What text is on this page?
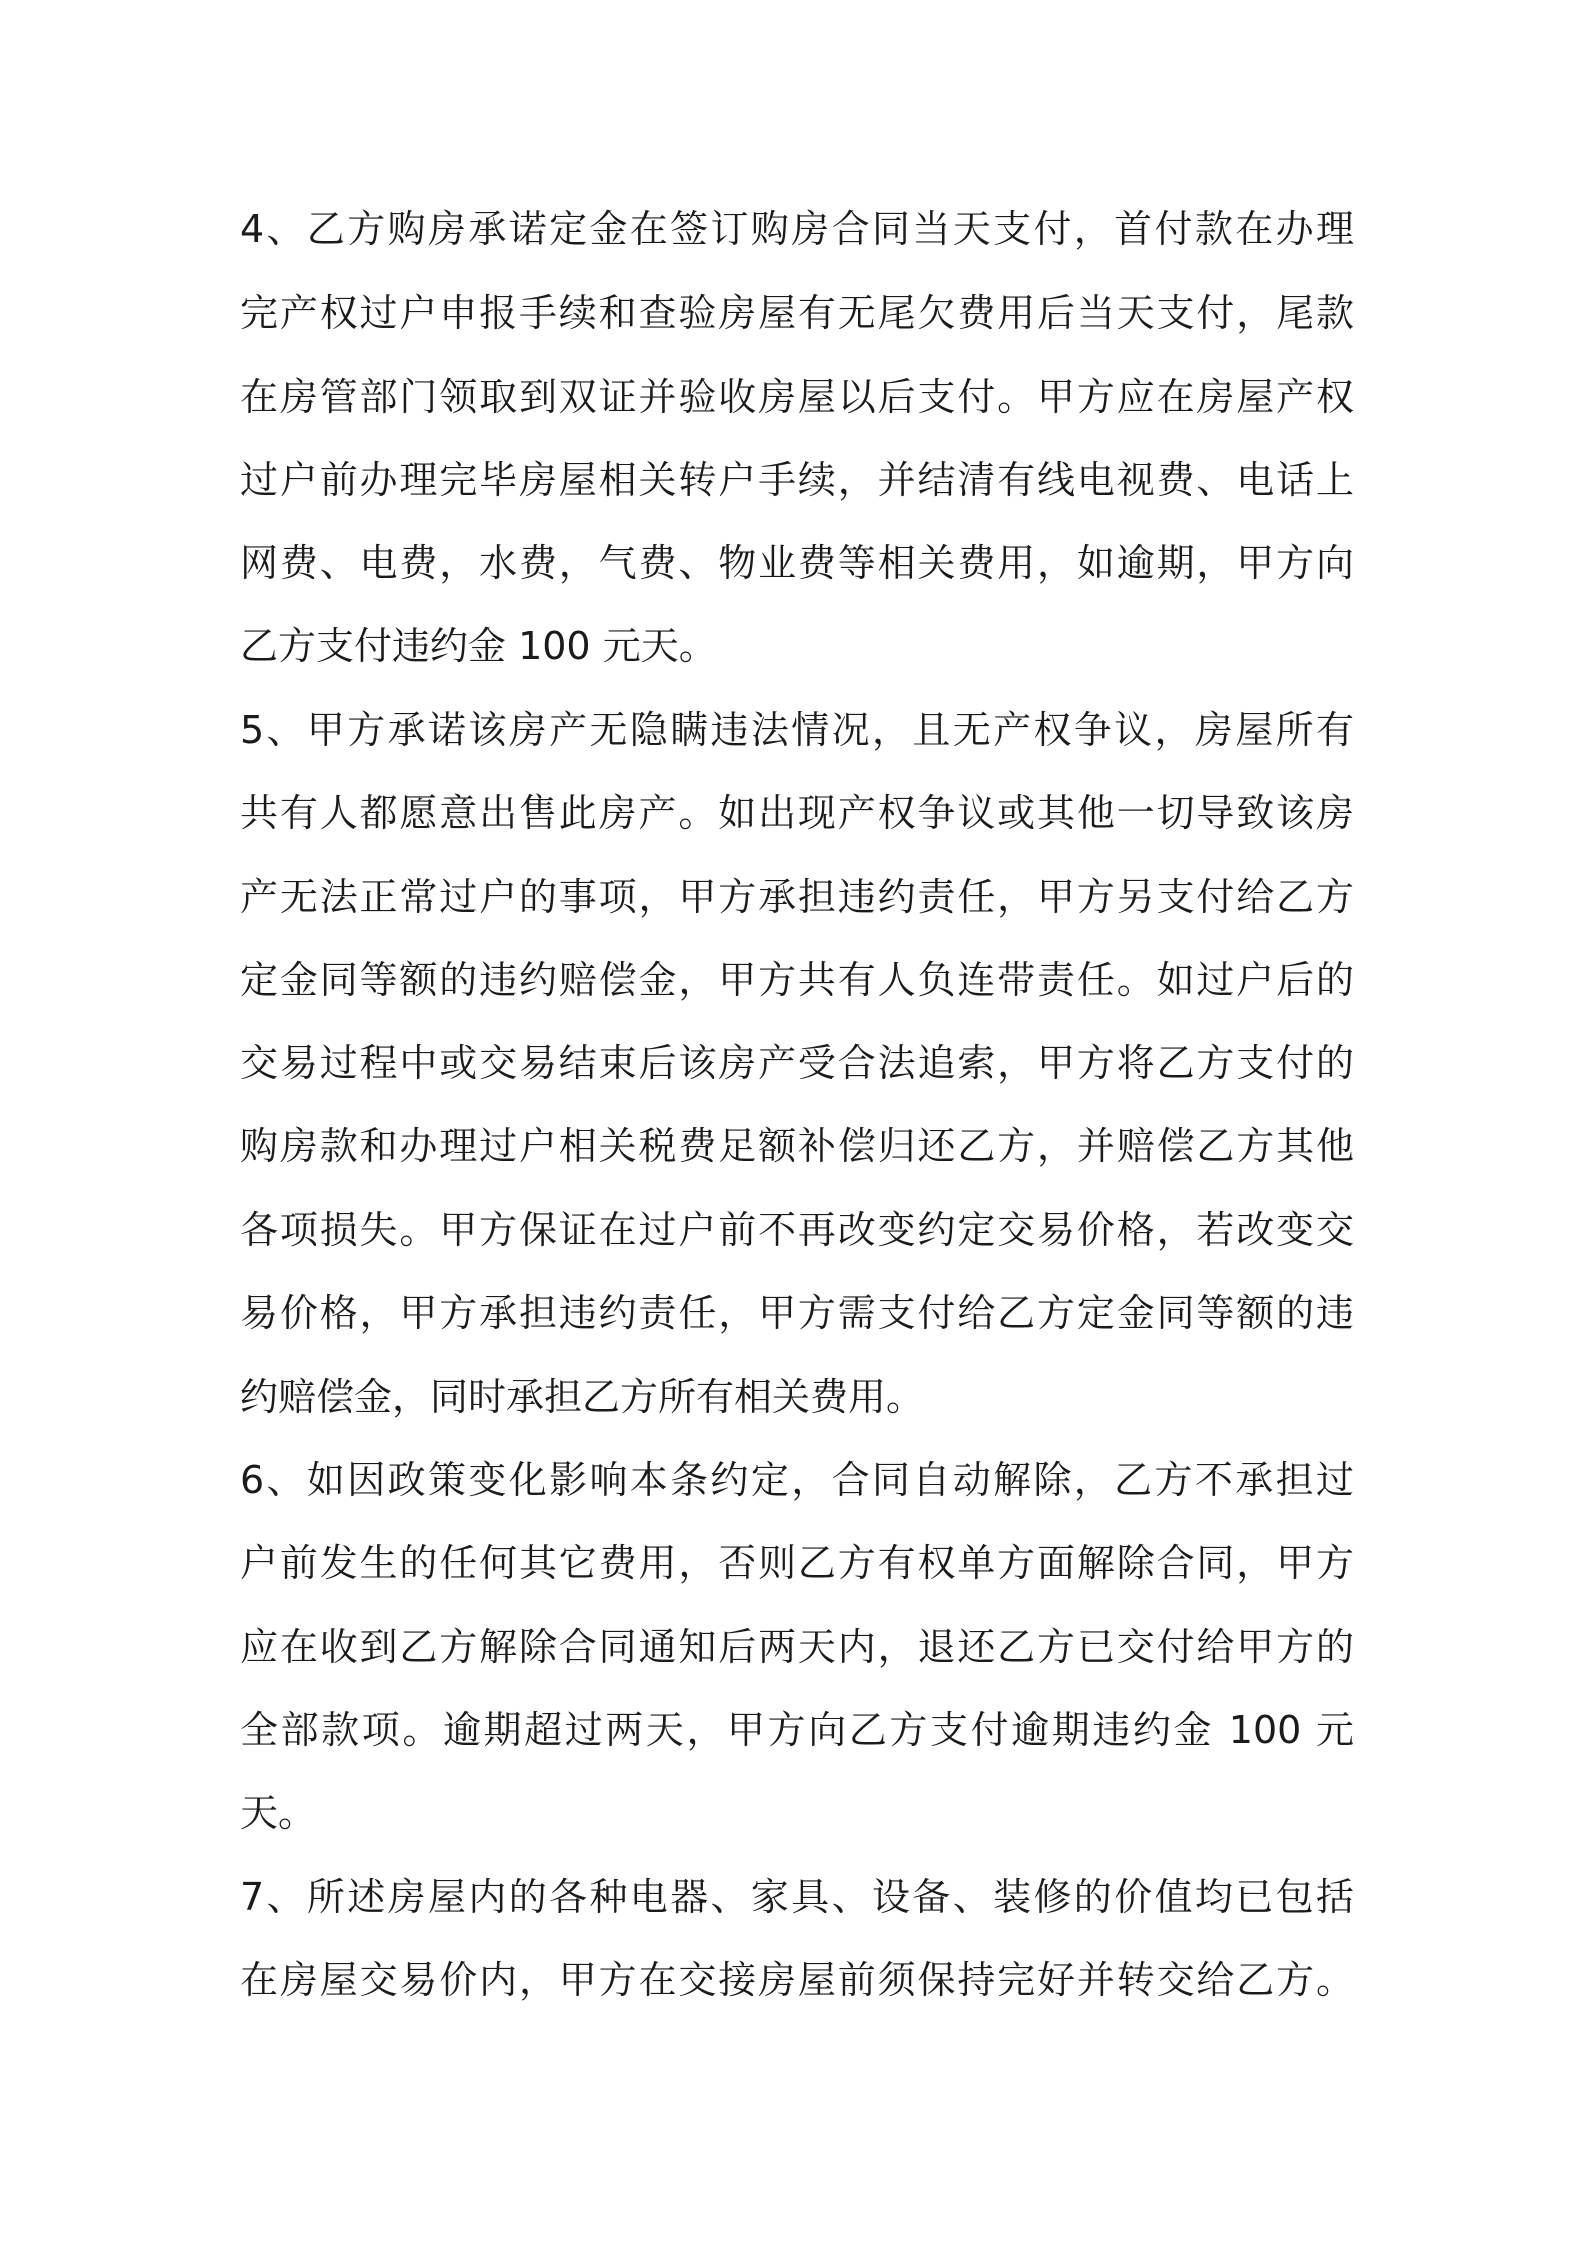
4、乙方购房承诺定金在签订购房合同当天支付，首付款在办理
完产权过户申报手续和查验房屋有无尾欠费用后当天支付，尾款
在房管部门领取到双证并验收房屋以后支付。甲方应在房屋产权
过户前办理完毕房屋相关转户手续，并结清有线电视费、电话上
网费、电费，水费，气费、物业费等相关费用，如逾期，甲方向
乙方支付违约金 100 元天。
5、甲方承诺该房产无隐瞒违法情况，且无产权争议，房屋所有
共有人都愿意出售此房产。如出现产权争议或其他一切导致该房
产无法正常过户的事项，甲方承担违约责任，甲方另支付给乙方
定金同等额的违约赔偿金，甲方共有人负连带责任。如过户后的
交易过程中或交易结束后该房产受合法追索，甲方将乙方支付的
购房款和办理过户相关税费足额补偿归还乙方，并赔偿乙方其他
各项损失。甲方保证在过户前不再改变约定交易价格，若改变交
易价格，甲方承担违约责任，甲方需支付给乙方定金同等额的违
约赔偿金，同时承担乙方所有相关费用。
6、如因政策变化影响本条约定，合同自动解除，乙方不承担过
户前发生的任何其它费用，否则乙方有权单方面解除合同，甲方
应在收到乙方解除合同通知后两天内，退还乙方已交付给甲方的
全部款项。逾期超过两天，甲方向乙方支付逾期违约金 100 元
天。
7、所述房屋内的各种电器、家具、设备、装修的价值均已包括
在房屋交易价内，甲方在交接房屋前须保持完好并转交给乙方。
